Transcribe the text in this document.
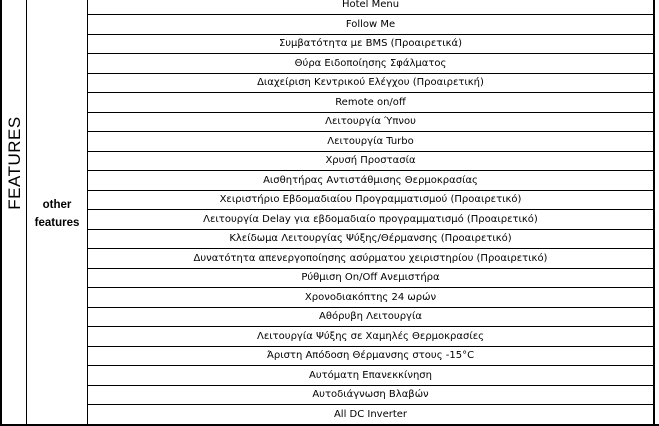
FEATURES	other
features
Hotel Menu
Follow Me
Συμβατότητα με BMS (Προαιρετικά)
Θύρα Ειδοποίησης Σφάλματος
Διαχείριση Κεντρικού Ελέγχου (Προαιρετική)
Remote on/off
Λειτουργία Ύπνου
Λειτουργία Turbo
Χρυσή Προστασία
Αισθητήρας Αντιστάθμισης Θερμοκρασίας
Χειριστήριο Εβδομαδιαίου Προγραμματισμού (Προαιρετικό)
Λειτουργία Delay για εβδομαδιαίο προγραμματισμό (Προαιρετικό)
Κλείδωμα Λειτουργίας Ψύξης/Θέρμανσης (Προαιρετικό)
Δυνατότητα απενεργοποίησης ασύρματου χειριστηρίου (Προαιρετικό)
Ρύθμιση On/Off Ανεμιστήρα
Χρονοδιακόπτης 24 ωρών
Αθόρυβη Λειτουργία
Λειτουργία Ψύξης σε Χαμηλές Θερμοκρασίες
Άριστη Απόδοση Θέρμανσης στους -15°C
Αυτόματη Επανεκκίνηση
Αυτοδιάγνωση Βλαβών
All DC Inverter
